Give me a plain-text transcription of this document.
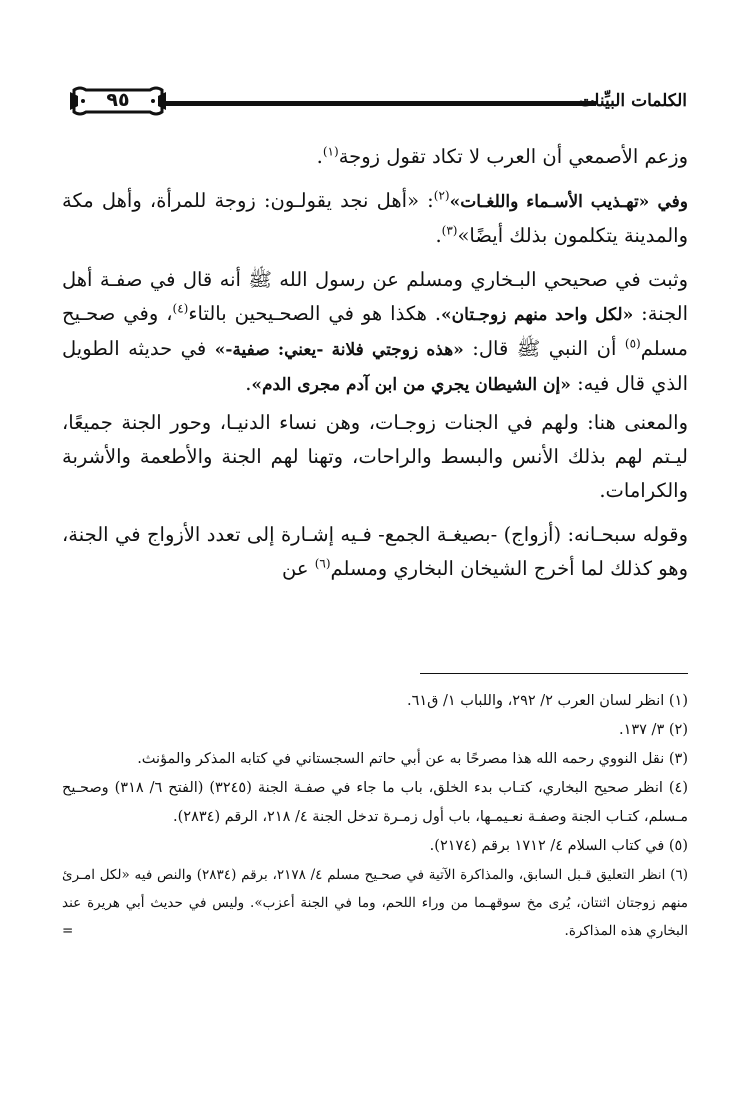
٩٥	الكلمات البيِّنات

وزعم الأصمعي أن العرب لا تكاد تقول زوجة$^{(١)}$.

وفي «تهـذيب الأسـماء واللغـات»$^{(٢)}$: «أهل نجد يقولـون: زوجة للمرأة، وأهل مكة والمدينة يتكلمون بذلك أيضًا»$^{(٣)}$.

وثبت في صحيحي البـخاري ومسلم عن رسول الله ﷺ أنه قال في صفـة أهل الجنة: «لكل واحد منهم زوجـتان». هكذا هو في الصحـيحين بالتاء$^{(٤)}$، وفي صحـيح مسلم$^{(٥)}$ أن النبي ﷺ قال: «هذه زوجتي فلانة -يعني: صفية-» في حديثه الطويل الذي قال فيه: «إن الشيطان يجري من ابن آدم مجرى الدم».

والمعنى هنا: ولهم في الجنات زوجـات، وهن نساء الدنيـا، وحور الجنة جميعًا، ليـتم لهم بذلك الأنس والبسط والراحات، وتهنا لهم الجنة والأطعمة والأشربة والكرامات.

وقوله سبحـانه: (أزواج) -بصيغـة الجمع- فـيه إشـارة إلى تعدد الأزواج في الجنة، وهو كذلك لما أخرج الشيخان البخاري ومسلم$^{(٦)}$ عن

(١) انظر لسان العرب ٢/ ٢٩٢، واللباب ١/ ق٦١.

(٢) ٣/ ١٣٧.

(٣) نقل النووي رحمه الله هذا مصرحًا به عن أبي حاتم السجستاني في كتابه المذكر والمؤنث.

(٤) انظر صحيح البخاري، كتـاب بدء الخلق، باب ما جاء في صفـة الجنة (٣٢٤٥) (الفتح ٦/ ٣١٨) وصحـيح مـسلم، كتـاب الجنة وصفـة نعـيمـها، باب أول زمـرة تدخل الجنة ٤/ ٢١٨، الرقم (٢٨٣٤).

(٥) في كتاب السلام ٤/ ١٧١٢ برقم (٢١٧٤).

(٦) انظر التعليق قـبل السابق، والمذاكرة الآتية في صحـيح مسلم ٤/ ٢١٧٨، برقم (٢٨٣٤) والنص فيه «لكل امـرئ منهم زوجتان اثنتان، يُرى مخ سوقهـما من وراء اللحم، وما في الجنة أعزب». وليس في حديث أبي هريرة عند البخاري هذه المذاكرة.
=
